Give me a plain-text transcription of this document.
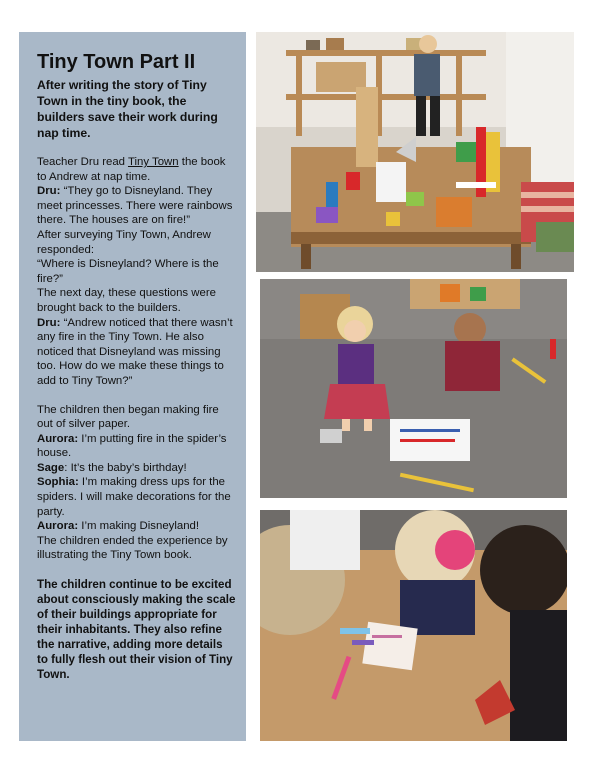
Tiny Town Part II
After writing the story of Tiny Town in the tiny book, the builders save their work during nap time.

Teacher Dru read Tiny Town the book to Andrew at nap time.

Dru: “They go to Disneyland. They meet princesses. There were rainbows there. The houses are on fire!”

After surveying Tiny Town, Andrew responded:

“Where is Disneyland? Where is the fire?”

The next day, these questions were brought back to the builders.

Dru: “Andrew noticed that there wasn’t any fire in the Tiny Town. He also noticed that Disneyland was missing too. How do we make these things to add to Tiny Town?”

The children then began making fire out of silver paper.

Aurora: I’m putting fire in the spider’s house.

Sage: It’s the baby’s birthday!

Sophia: I’m making dress ups for the spiders. I will make decorations for the party.

Aurora: I’m making Disneyland!

The children ended the experience by illustrating the Tiny Town book.

The children continue to be excited about consciously making the scale of their buildings appropriate for their inhabitants. They also refine the narrative, adding more details to fully flesh out their vision of Tiny Town.
